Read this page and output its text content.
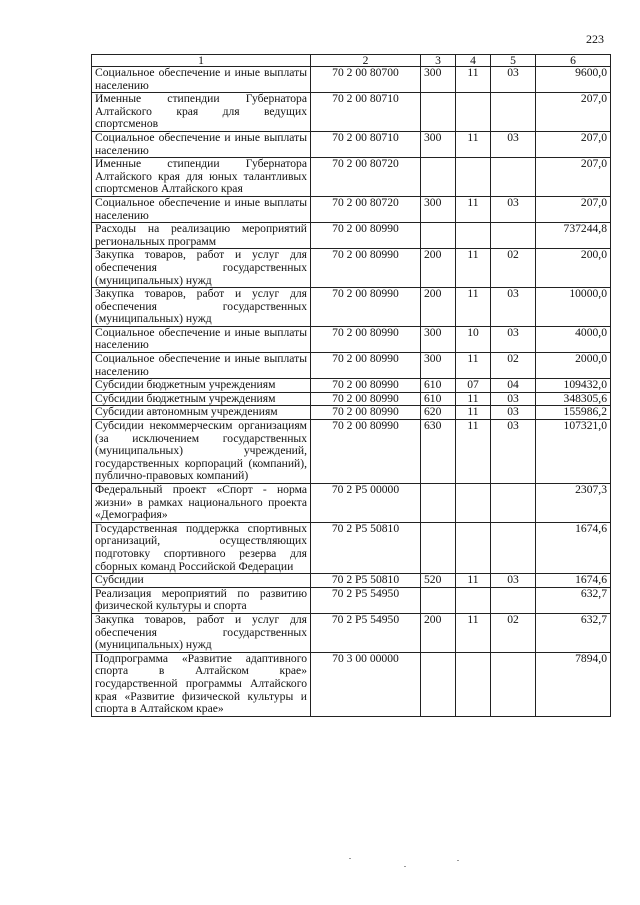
223
1	2	3	4	5	6
Социальное обеспечение и иные выплаты населению	70 2 00 80700	300	11	03	9600,0
Именные стипендии Губернатора Алтайского края для ведущих спортсменов	70 2 00 80710				207,0
Социальное обеспечение и иные выплаты населению	70 2 00 80710	300	11	03	207,0
Именные стипендии Губернатора Алтайского края для юных талантливых спортсменов Алтайского края	70 2 00 80720				207,0
Социальное обеспечение и иные выплаты населению	70 2 00 80720	300	11	03	207,0
Расходы на реализацию мероприятий региональных программ	70 2 00 80990				737244,8
Закупка товаров, работ и услуг для обеспечения государственных (муниципальных) нужд	70 2 00 80990	200	11	02	200,0
Закупка товаров, работ и услуг для обеспечения государственных (муниципальных) нужд	70 2 00 80990	200	11	03	10000,0
Социальное обеспечение и иные выплаты населению	70 2 00 80990	300	10	03	4000,0
Социальное обеспечение и иные выплаты населению	70 2 00 80990	300	11	02	2000,0
Субсидии бюджетным учреждениям	70 2 00 80990	610	07	04	109432,0
Субсидии бюджетным учреждениям	70 2 00 80990	610	11	03	348305,6
Субсидии автономным учреждениям	70 2 00 80990	620	11	03	155986,2
Субсидии некоммерческим организациям (за исключением государственных (муниципальных) учреждений, государственных корпораций (компаний), публично-правовых компаний)	70 2 00 80990	630	11	03	107321,0
Федеральный проект «Спорт - норма жизни» в рамках национального проекта «Демография»	70 2 P5 00000				2307,3
Государственная поддержка спортивных организаций, осуществляющих подготовку спортивного резерва для сборных команд Российской Федерации	70 2 P5 50810				1674,6
Субсидии	70 2 P5 50810	520	11	03	1674,6
Реализация мероприятий по развитию физической культуры и спорта	70 2 P5 54950				632,7
Закупка товаров, работ и услуг для обеспечения государственных (муниципальных) нужд	70 2 P5 54950	200	11	02	632,7
Подпрограмма «Развитие адаптивного спорта в Алтайском крае» государственной программы Алтайского края «Развитие физической культуры и спорта в Алтайском крае»	70 3 00 00000				7894,0
